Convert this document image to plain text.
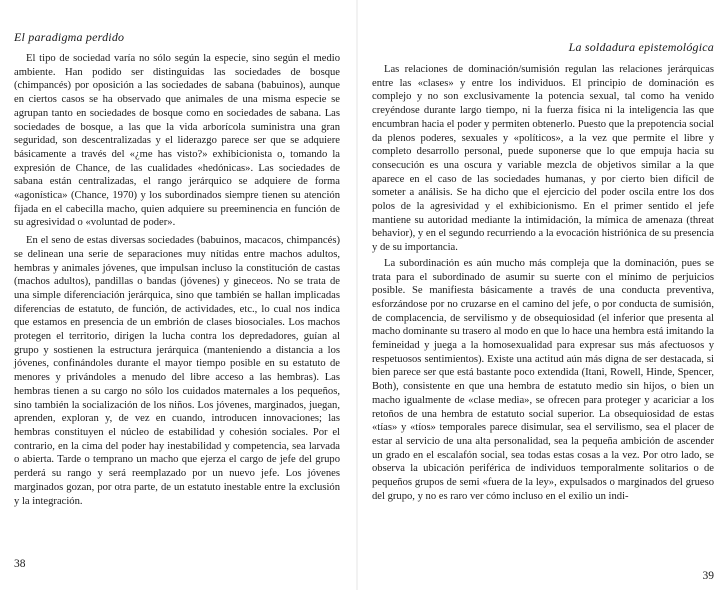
El paradigma perdido

El tipo de sociedad varía no sólo según la especie, sino según el medio ambiente. Han podido ser distinguidas las sociedades de bosque (chimpancés) por oposición a las sociedades de sabana (babuinos), aunque en ciertos casos se ha observado que animales de una misma especie se agrupan tanto en sociedades de bosque como en sociedades de sabana. Las sociedades de bosque, a las que la vida arborícola suministra una gran seguridad, son descentralizadas y el liderazgo parece ser que se adquiere básicamente a través del «¿me has visto?» exhibicionista o, tomando la expresión de Chance, de las cualidades «hedónicas». Las sociedades de sabana están centralizadas, el rango jerárquico se adquiere de forma «agonística» (Chance, 1970) y los subordinados siempre tienen su atención fijada en el cabecilla macho, quien adquiere su preeminencia en función de su agresividad o «voluntad de poder».

En el seno de estas diversas sociedades (babuinos, macacos, chimpancés) se delinean una serie de separaciones muy nítidas entre machos adultos, hembras y animales jóvenes, que impulsan incluso la constitución de castas (machos adultos), pandillas o bandas (jóvenes) y gineceos. No se trata de una simple diferenciación jerárquica, sino que también se hallan implicadas diferencias de estatuto, de función, de actividades, etc., lo cual nos indica que estamos en presencia de un embrión de clases biosociales. Los machos protegen el territorio, dirigen la lucha contra los depredadores, guían al grupo y sostienen la estructura jerárquica (manteniendo a distancia a los jóvenes, confinándoles durante el mayor tiempo posible en su estatuto de menores y privándoles a menudo del libre acceso a las hembras). Las hembras tienen a su cargo no sólo los cuidados maternales a los pequeños, sino también la socialización de los niños. Los jóvenes, marginados, juegan, aprenden, exploran y, de vez en cuando, introducen innovaciones; las hembras constituyen el núcleo de estabilidad y cohesión sociales. Por el contrario, en la cima del poder hay inestabilidad y competencia, sea larvada o abierta. Tarde o temprano un macho que ejerza el cargo de jefe del grupo perderá su rango y será reemplazado por un nuevo jefe. Los jóvenes marginados gozan, por otra parte, de un estatuto inestable entre la exclusión y la integración.

38
La soldadura epistemológica

Las relaciones de dominación/sumisión regulan las relaciones jerárquicas entre las «clases» y entre los individuos. El principio de dominación es complejo y no son exclusivamente la potencia sexual, tal como ha venido creyéndose durante largo tiempo, ni la fuerza física ni la inteligencia las que encumbran hacia el poder y permiten obtenerlo. Puesto que la prepotencia social da plenos poderes, sexuales y «políticos», a la vez que permite el libre y completo desarrollo personal, puede suponerse que lo que empuja hacia su consecución es una oscura y variable mezcla de objetivos similar a la que aparece en el caso de las sociedades humanas, y por cierto bien difícil de someter a análisis. Se ha dicho que el ejercicio del poder oscila entre los dos polos de la agresividad y el exhibicionismo. En el primer sentido el jefe mantiene su autoridad mediante la intimidación, la mímica de amenaza (threat behavior), y en el segundo recurriendo a la evocación histriónica de su presencia y de su importancia.

La subordinación es aún mucho más compleja que la dominación, pues se trata para el subordinado de asumir su suerte con el mínimo de perjuicios posible. Se manifiesta básicamente a través de una conducta preventiva, esforzándose por no cruzarse en el camino del jefe, o por conducta de sumisión, de complacencia, de servilismo y de obsequiosidad (el inferior que presenta al macho dominante su trasero al modo en que lo hace una hembra está imitando la femineidad y juega a la homosexualidad para expresar sus más afectuosos y respetuosos sentimientos). Existe una actitud aún más digna de ser destacada, si bien parece ser que está bastante poco extendida (Itani, Rowell, Hinde, Spencer, Both), consistente en que una hembra de estatuto medio sin hijos, o bien un macho igualmente de «clase media», se ofrecen para proteger y acariciar a los retoños de una hembra de estatuto social superior. La obsequiosidad de estas «tías» y «tíos» temporales parece disimular, sea el servilismo, sea el placer de estar al servicio de una alta personalidad, sea la pequeña ambición de ascender un grado en el escalafón social, sea todas estas cosas a la vez. Por otro lado, se observa la ubicación periférica de individuos temporalmente solitarios o de pequeños grupos de semi «fuera de la ley», expulsados o marginados del grueso del grupo, y no es raro ver cómo incluso en el exilio un indi-

39
